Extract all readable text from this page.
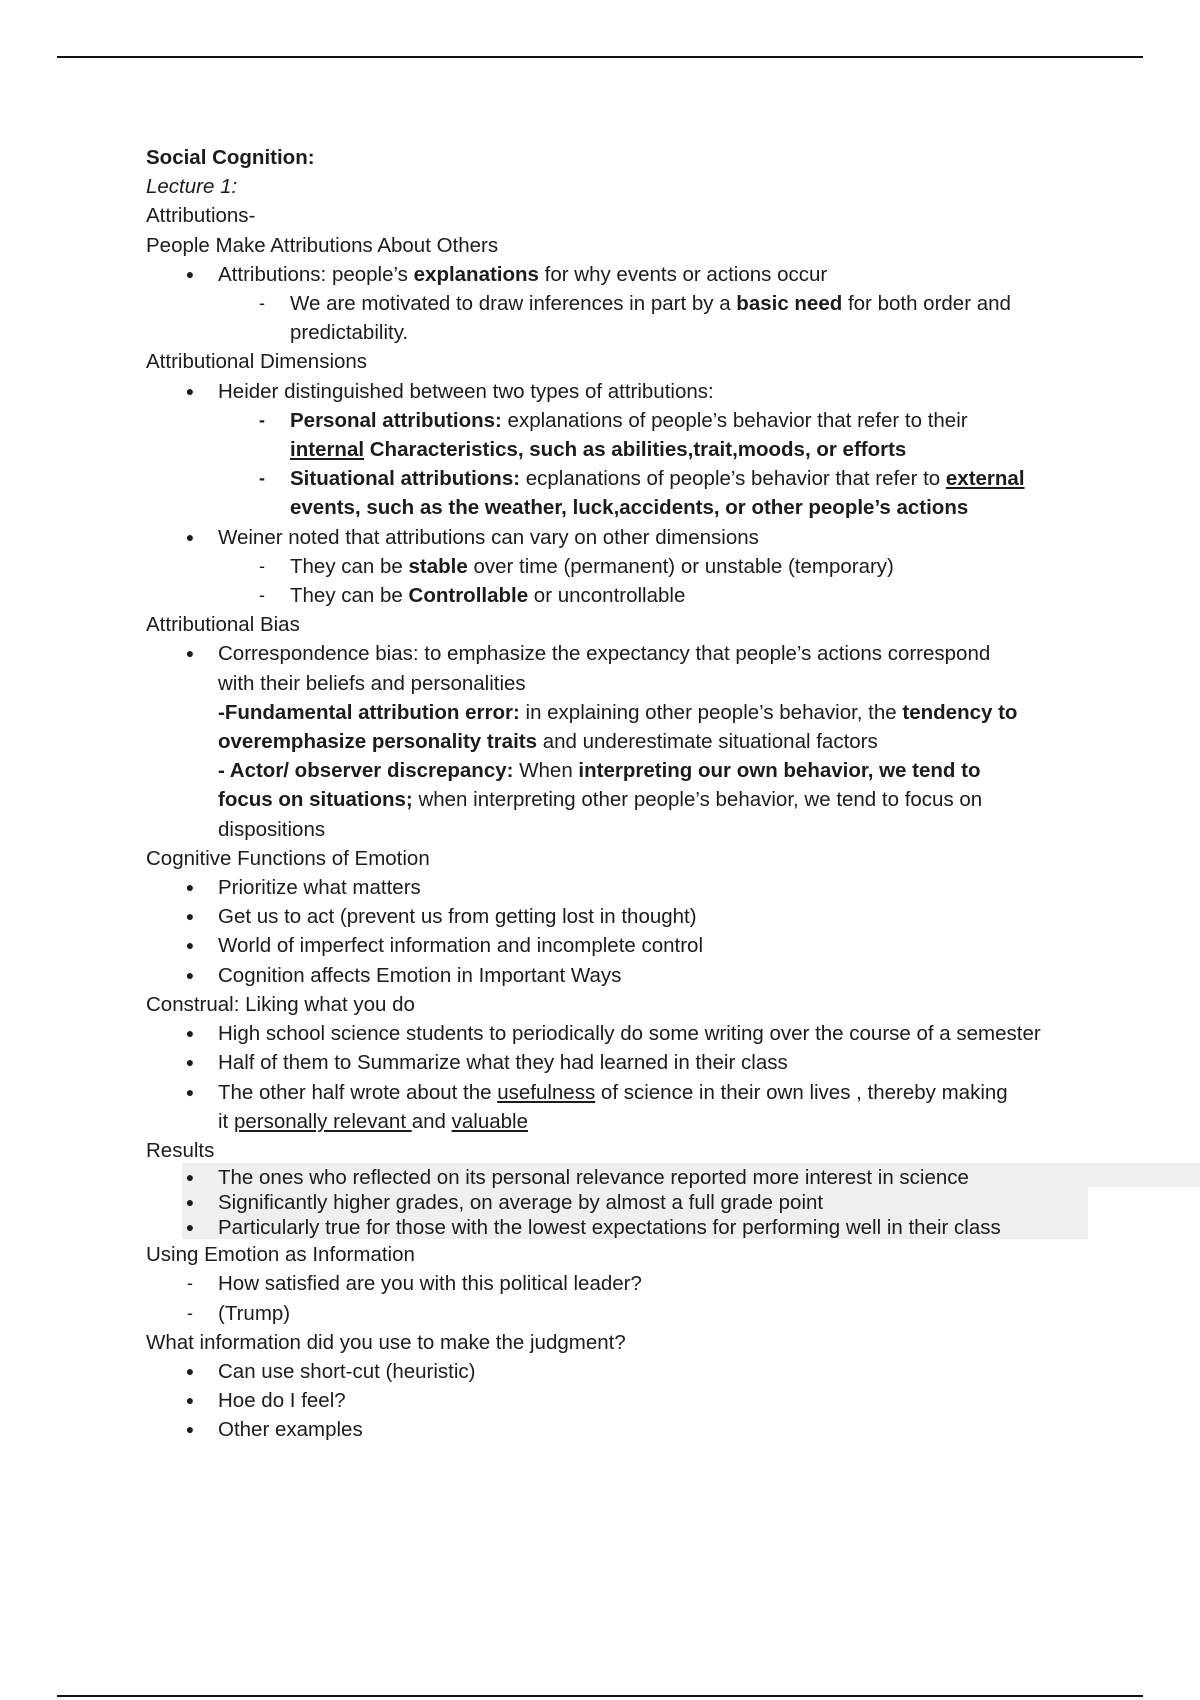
Social Cognition:
Lecture 1:
Attributions-
People Make Attributions About Others
● Attributions: people’s explanations for why events or actions occur
-	We are motivated to draw inferences in part by a basic need for both order and
predictability.
Attributional Dimensions
● Heider distinguished between two types of attributions:
-	Personal attributions: explanations of people’s behavior that refer to their
internal Characteristics, such as abilities,trait,moods, or efforts
-	Situational attributions: ecplanations of people’s behavior that refer to external
events, such as the weather, luck,accidents, or other people’s actions
● Weiner noted that attributions can vary on other dimensions
-	They can be stable over time (permanent) or unstable (temporary)
-	They can be Controllable or uncontrollable
Attributional Bias
● Correspondence bias: to emphasize the expectancy that people’s actions correspond
with their beliefs and personalities
-Fundamental attribution error: in explaining other people’s behavior, the tendency to
overemphasize personality traits and underestimate situational factors
- Actor/ observer discrepancy: When interpreting our own behavior, we tend to
focus on situations; when interpreting other people’s behavior, we tend to focus on
dispositions
Cognitive Functions of Emotion
● Prioritize what matters
● Get us to act (prevent us from getting lost in thought)
● World of imperfect information and incomplete control
● Cognition affects Emotion in Important Ways
Construal: Liking what you do
● High school science students to periodically do some writing over the course of a semester
● Half of them to Summarize what they had learned in their class
● The other half wrote about the usefulness of science in their own lives , thereby making
it personally relevant and valuable
Results
● The ones who reflected on its personal relevance reported more interest in science
● Significantly higher grades, on average by almost a full grade point
● Particularly true for those with the lowest expectations for performing well in their class
Using Emotion as Information
-	How satisfied are you with this political leader?
-	(Trump)
What information did you use to make the judgment?
● Can use short-cut (heuristic)
● Hoe do I feel?
● Other examples
